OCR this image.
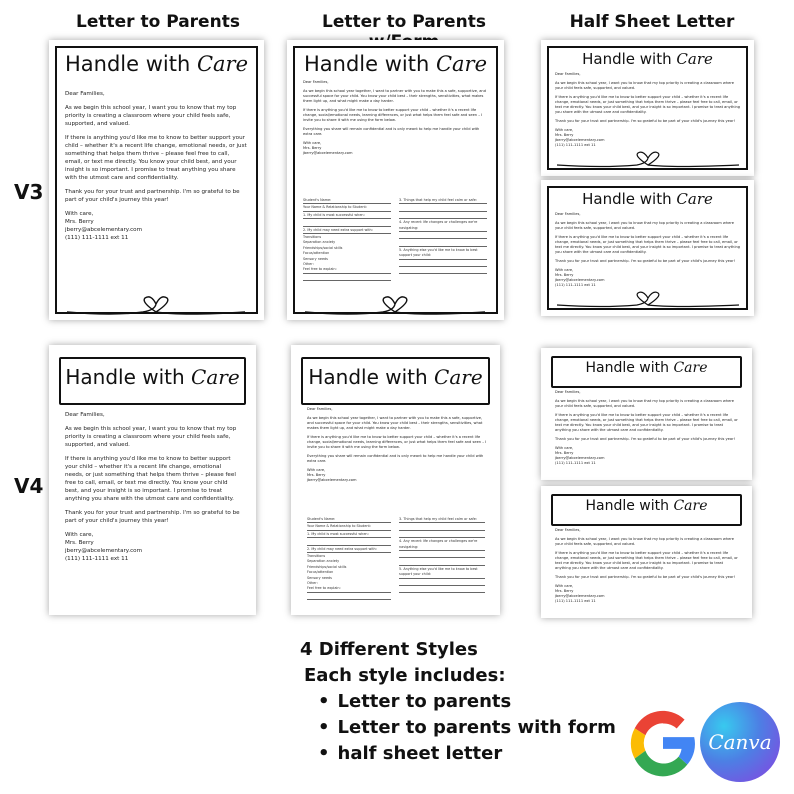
Letter to Parents	Letter to Parents	Half Sheet Letter
V3
V4
Handle with Care

Dear Families,

As we begin this school year, I want you to know that my top priority is creating a classroom where your child feels safe, supported, and valued.

If there is anything you'd like me to know to better support your child – whether it's a recent life change, emotional needs, or just something that helps them thrive – please feel free to call, email, or text me directly. You know your child best, and your insight is so important. I promise to treat anything you share with the utmost care and confidentiality.

Thank you for your trust and partnership. I'm so grateful to be part of your child's journey this year!

With care,
Mrs. Berry
jberry@abcelementary.com
(111) 111-1111 ext 11
Handle with Care

Dear Families,

As we begin this school year together, I want to partner with you to make this a safe, supportive, and successful space for your child. You know your child best – their strengths, sensitivities, what makes them light up, and what might make a day harder.

If there is anything you'd like me to know to better support your child – whether it's a recent life change, social/emotional needs, learning differences, or just what helps them feel safe and seen – I invite you to share it with me using the form below.

Everything you share will remain confidential and is only meant to help me handle your child with extra care.

With care,
Mrs. Berry
jberry@abcelementary.com
Student's Name:
Your Name & Relationship to Student:
1. My child is most successful when:

2. My child may need extra support with:
Transitions
Separation anxiety
Friendships/social skills
Focus/attention
Sensory needs
Other:
Feel free to explain:

3. Things that help my child feel calm or safe:

4. Any recent life changes or challenges we're navigating:

5. Anything else you'd like me to know to best support your child:

Handle with Care

Dear Families,

As we begin this school year, I want you to know that my top priority is creating a classroom where your child feels safe, supported, and valued.

If there is anything you'd like me to know to better support your child – whether it's a recent life change, emotional needs, or just something that helps them thrive – please feel free to call, email, or text me directly. You know your child best, and your insight is so important. I promise to treat anything you share with the utmost care and confidentiality.

Thank you for your trust and partnership. I'm so grateful to be part of your child's journey this year!

With care,
Mrs. Berry
jberry@abcelementary.com
(111) 111-1111 ext 11
Handle with Care

Dear Families,

As we begin this school year, I want you to know that my top priority is creating a classroom where your child feels safe, supported, and valued.

If there is anything you'd like me to know to better support your child – whether it's a recent life change, emotional needs, or just something that helps them thrive – please feel free to call, email, or text me directly. You know your child best, and your insight is so important. I promise to treat anything you share with the utmost care and confidentiality.

Thank you for your trust and partnership. I'm so grateful to be part of your child's journey this year!

With care,
Mrs. Berry
jberry@abcelementary.com
(111) 111-1111 ext 11
Handle with Care

Dear Families,

As we begin this school year, I want you to know that my top priority is creating a classroom where your child feels safe, supported, and valued.

If there is anything you'd like me to know to better support your child – whether it's a recent life change, emotional needs, or just something that helps them thrive – please feel free to call, email, or text me directly. You know your child best, and your insight is so important. I promise to treat anything you share with the utmost care and confidentiality.

Thank you for your trust and partnership. I'm so grateful to be part of your child's journey this year!

With care,
Mrs. Berry
jberry@abcelementary.com
(111) 111-1111 ext 11
Handle with Care

Dear Families,

As we begin this school year together, I want to partner with you to make this a safe, supportive, and successful space for your child. You know your child best – their strengths, sensitivities, what makes them light up, and what might make a day harder.

If there is anything you'd like me to know to better support your child – whether it's a recent life change, social/emotional needs, learning differences, or just what helps them feel safe and seen – I invite you to share it with me using the form below.

Everything you share will remain confidential and is only meant to help me handle your child with extra care.

With care,
Mrs. Berry
jberry@abcelementary.com
Student's Name:
Your Name & Relationship to Student:
1. My child is most successful when:

2. My child may need extra support with:
Transitions
Separation anxiety
Friendships/social skills
Focus/attention
Sensory needs
Other:
Feel free to explain:

3. Things that help my child feel calm or safe:

4. Any recent life changes or challenges we're navigating:

5. Anything else you'd like me to know to best support your child:

Handle with Care

Dear Families,

As we begin this school year, I want you to know that my top priority is creating a classroom where your child feels safe, supported, and valued.

If there is anything you'd like me to know to better support your child – whether it's a recent life change, emotional needs, or just something that helps them thrive – please feel free to call, email, or text me directly. You know your child best, and your insight is so important. I promise to treat anything you share with the utmost care and confidentiality.

Thank you for your trust and partnership. I'm so grateful to be part of your child's journey this year!

With care,
Mrs. Berry
jberry@abcelementary.com
(111) 111-1111 ext 11
Handle with Care

Dear Families,

As we begin this school year, I want you to know that my top priority is creating a classroom where your child feels safe, supported, and valued.

If there is anything you'd like me to know to better support your child – whether it's a recent life change, emotional needs, or just something that helps them thrive – please feel free to call, email, or text me directly. You know your child best, and your insight is so important. I promise to treat anything you share with the utmost care and confidentiality.

Thank you for your trust and partnership. I'm so grateful to be part of your child's journey this year!

With care,
Mrs. Berry
jberry@abcelementary.com
(111) 111-1111 ext 11
4 Different Styles
Each style includes:
• Letter to parents
• Letter to parents with form
• half sheet letter	Canva
